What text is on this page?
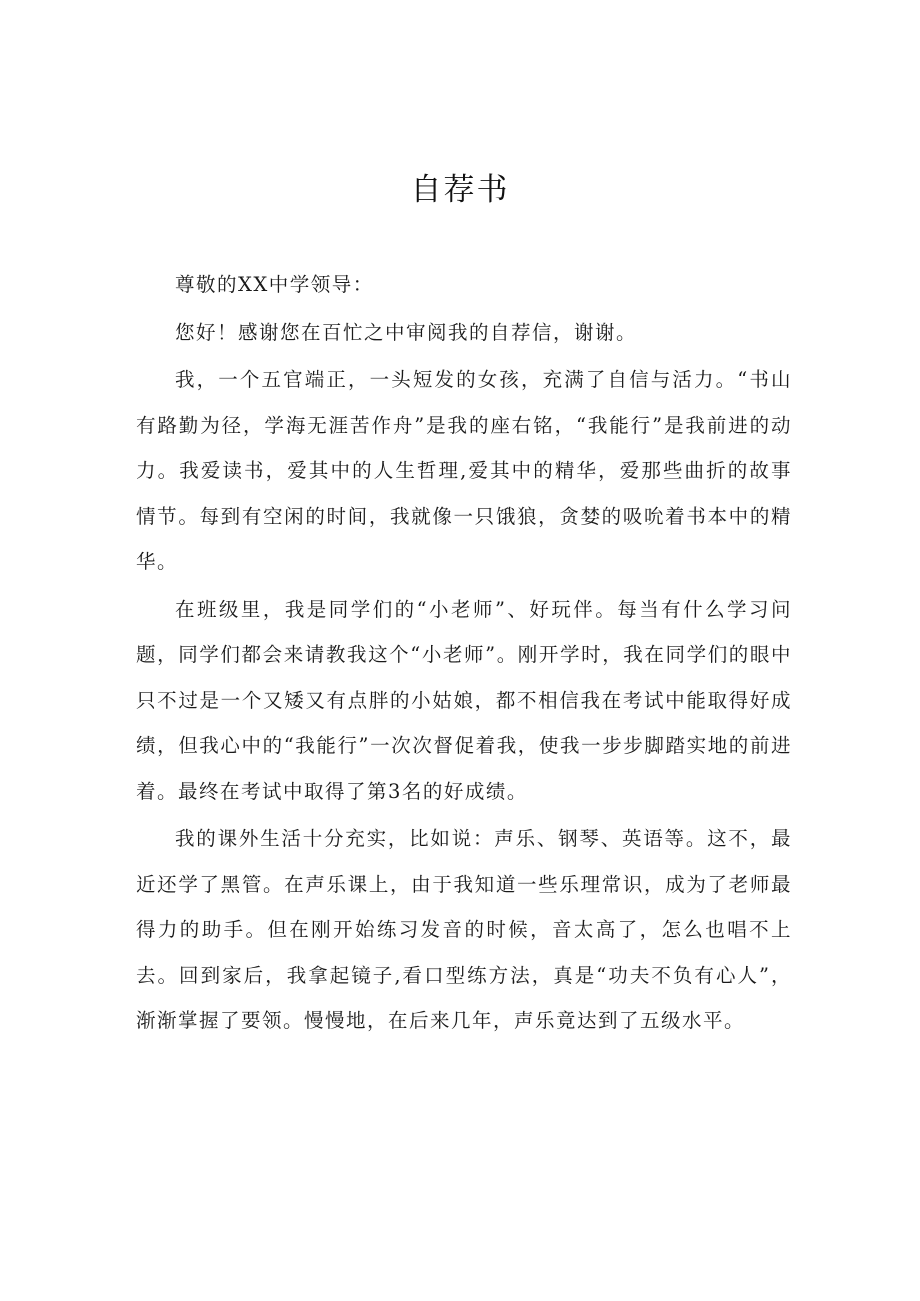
自荐书

尊敬的XX中学领导：

您好！感谢您在百忙之中审阅我的自荐信，谢谢。

我，一个五官端正，一头短发的女孩，充满了自信与活力。“书山有路勤为径，学海无涯苦作舟”是我的座右铭，“我能行”是我前进的动力。我爱读书，爱其中的人生哲理,爱其中的精华，爱那些曲折的故事情节。每到有空闲的时间，我就像一只饿狼，贪婪的吸吮着书本中的精华。

在班级里，我是同学们的“小老师”、好玩伴。每当有什么学习问题，同学们都会来请教我这个“小老师”。刚开学时，我在同学们的眼中只不过是一个又矮又有点胖的小姑娘，都不相信我在考试中能取得好成绩，但我心中的“我能行”一次次督促着我，使我一步步脚踏实地的前进着。最终在考试中取得了第3名的好成绩。

我的课外生活十分充实，比如说：声乐、钢琴、英语等。这不，最近还学了黑管。在声乐课上，由于我知道一些乐理常识，成为了老师最得力的助手。但在刚开始练习发音的时候，音太高了，怎么也唱不上去。回到家后，我拿起镜子,看口型练方法，真是“功夫不负有心人”，渐渐掌握了要领。慢慢地，在后来几年，声乐竟达到了五级水平。
